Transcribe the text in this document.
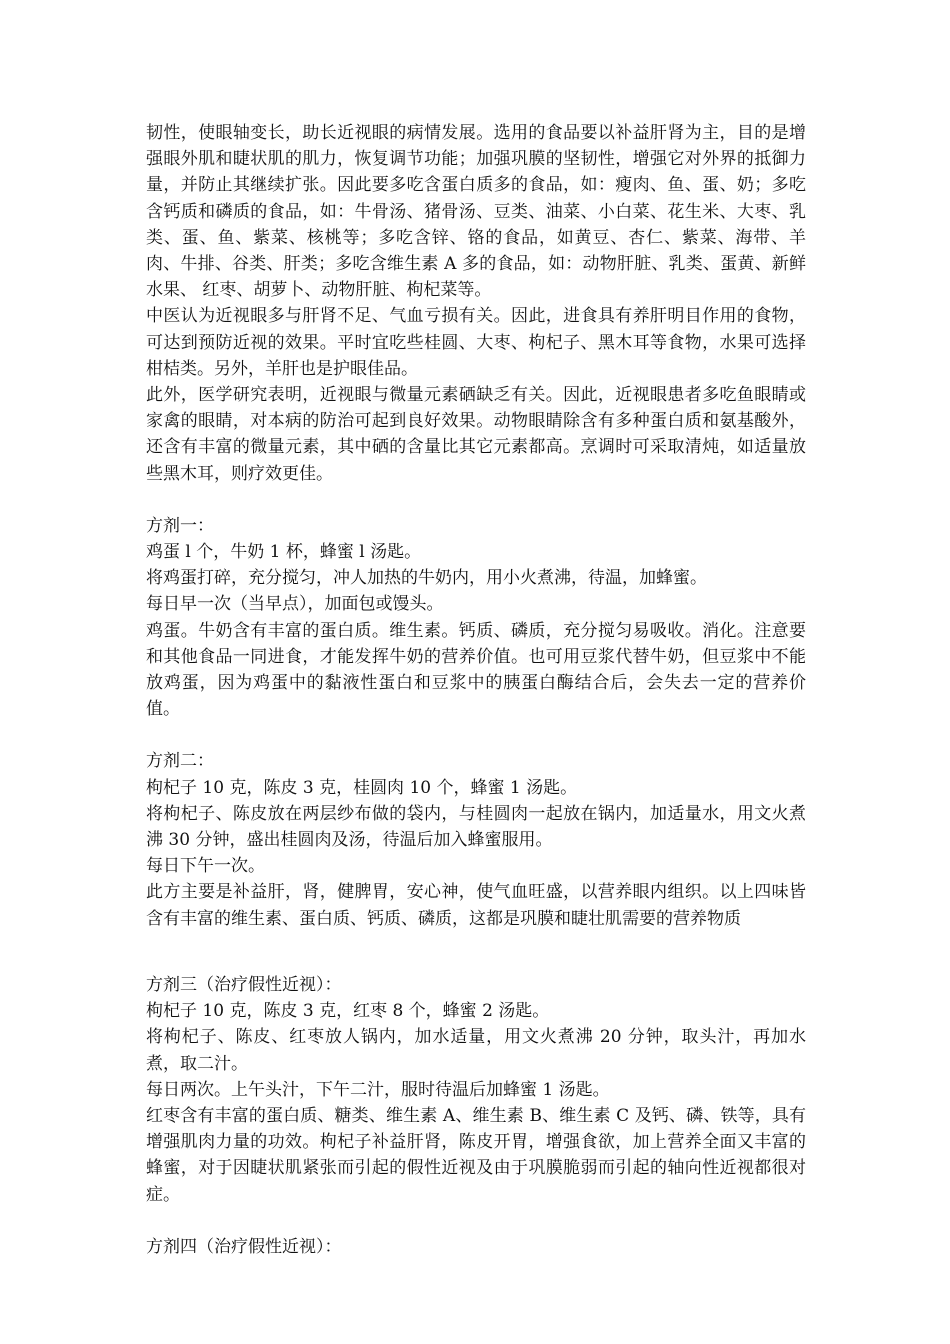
韧性，使眼轴变长，助长近视眼的病情发展。选用的食品要以补益肝肾为主，目的是增强眼外肌和睫状肌的肌力，恢复调节功能；加强巩膜的坚韧性，增强它对外界的抵御力量，并防止其继续扩张。因此要多吃含蛋白质多的食品，如：瘦肉、鱼、蛋、奶；多吃含钙质和磷质的食品，如：牛骨汤、猪骨汤、豆类、油菜、小白菜、花生米、大枣、乳类、蛋、鱼、紫菜、核桃等；多吃含锌、铬的食品，如黄豆、杏仁、紫菜、海带、羊肉、牛排、谷类、肝类；多吃含维生素 A 多的食品，如：动物肝脏、乳类、蛋黄、新鲜水果、 红枣、胡萝卜、动物肝脏、枸杞菜等。

中医认为近视眼多与肝肾不足、气血亏损有关。因此，进食具有养肝明目作用的食物，可达到预防近视的效果。平时宜吃些桂圆、大枣、枸杞子、黑木耳等食物，水果可选择柑桔类。另外，羊肝也是护眼佳品。

此外，医学研究表明，近视眼与微量元素硒缺乏有关。因此，近视眼患者多吃鱼眼睛或家禽的眼睛，对本病的防治可起到良好效果。动物眼睛除含有多种蛋白质和氨基酸外，还含有丰富的微量元素，其中硒的含量比其它元素都高。烹调时可采取清炖，如适量放些黑木耳，则疗效更佳。

方剂一：

鸡蛋 l 个，牛奶 1 杯，蜂蜜 l 汤匙。

将鸡蛋打碎，充分搅匀，冲人加热的牛奶内，用小火煮沸，待温，加蜂蜜。

每日早一次（当早点），加面包或馒头。

鸡蛋。牛奶含有丰富的蛋白质。维生素。钙质、磷质，充分搅匀易吸收。消化。注意要和其他食品一同进食，才能发挥牛奶的营养价值。也可用豆浆代替牛奶，但豆浆中不能放鸡蛋，因为鸡蛋中的黏液性蛋白和豆浆中的胰蛋白酶结合后，会失去一定的营养价值。

方剂二：

枸杞子 10 克，陈皮 3 克，桂圆肉 10 个，蜂蜜 1 汤匙。

将枸杞子、陈皮放在两层纱布做的袋内，与桂圆肉一起放在锅内，加适量水，用文火煮沸 30 分钟，盛出桂圆肉及汤，待温后加入蜂蜜服用。

每日下午一次。

此方主要是补益肝，肾，健脾胃，安心神，使气血旺盛，以营养眼内组织。以上四味皆含有丰富的维生素、蛋白质、钙质、磷质，这都是巩膜和睫壮肌需要的营养物质

方剂三（治疗假性近视）：

枸杞子 10 克，陈皮 3 克，红枣 8 个，蜂蜜 2 汤匙。

将枸杞子、陈皮、红枣放人锅内，加水适量，用文火煮沸 20 分钟，取头汁，再加水煮，取二汁。

每日两次。上午头汁，下午二汁，服时待温后加蜂蜜 1 汤匙。

红枣含有丰富的蛋白质、糖类、维生素 A、维生素 B、维生素 C 及钙、磷、铁等，具有增强肌肉力量的功效。枸杞子补益肝肾，陈皮开胃，增强食欲，加上营养全面又丰富的蜂蜜，对于因睫状肌紧张而引起的假性近视及由于巩膜脆弱而引起的轴向性近视都很对症。

方剂四（治疗假性近视）：
